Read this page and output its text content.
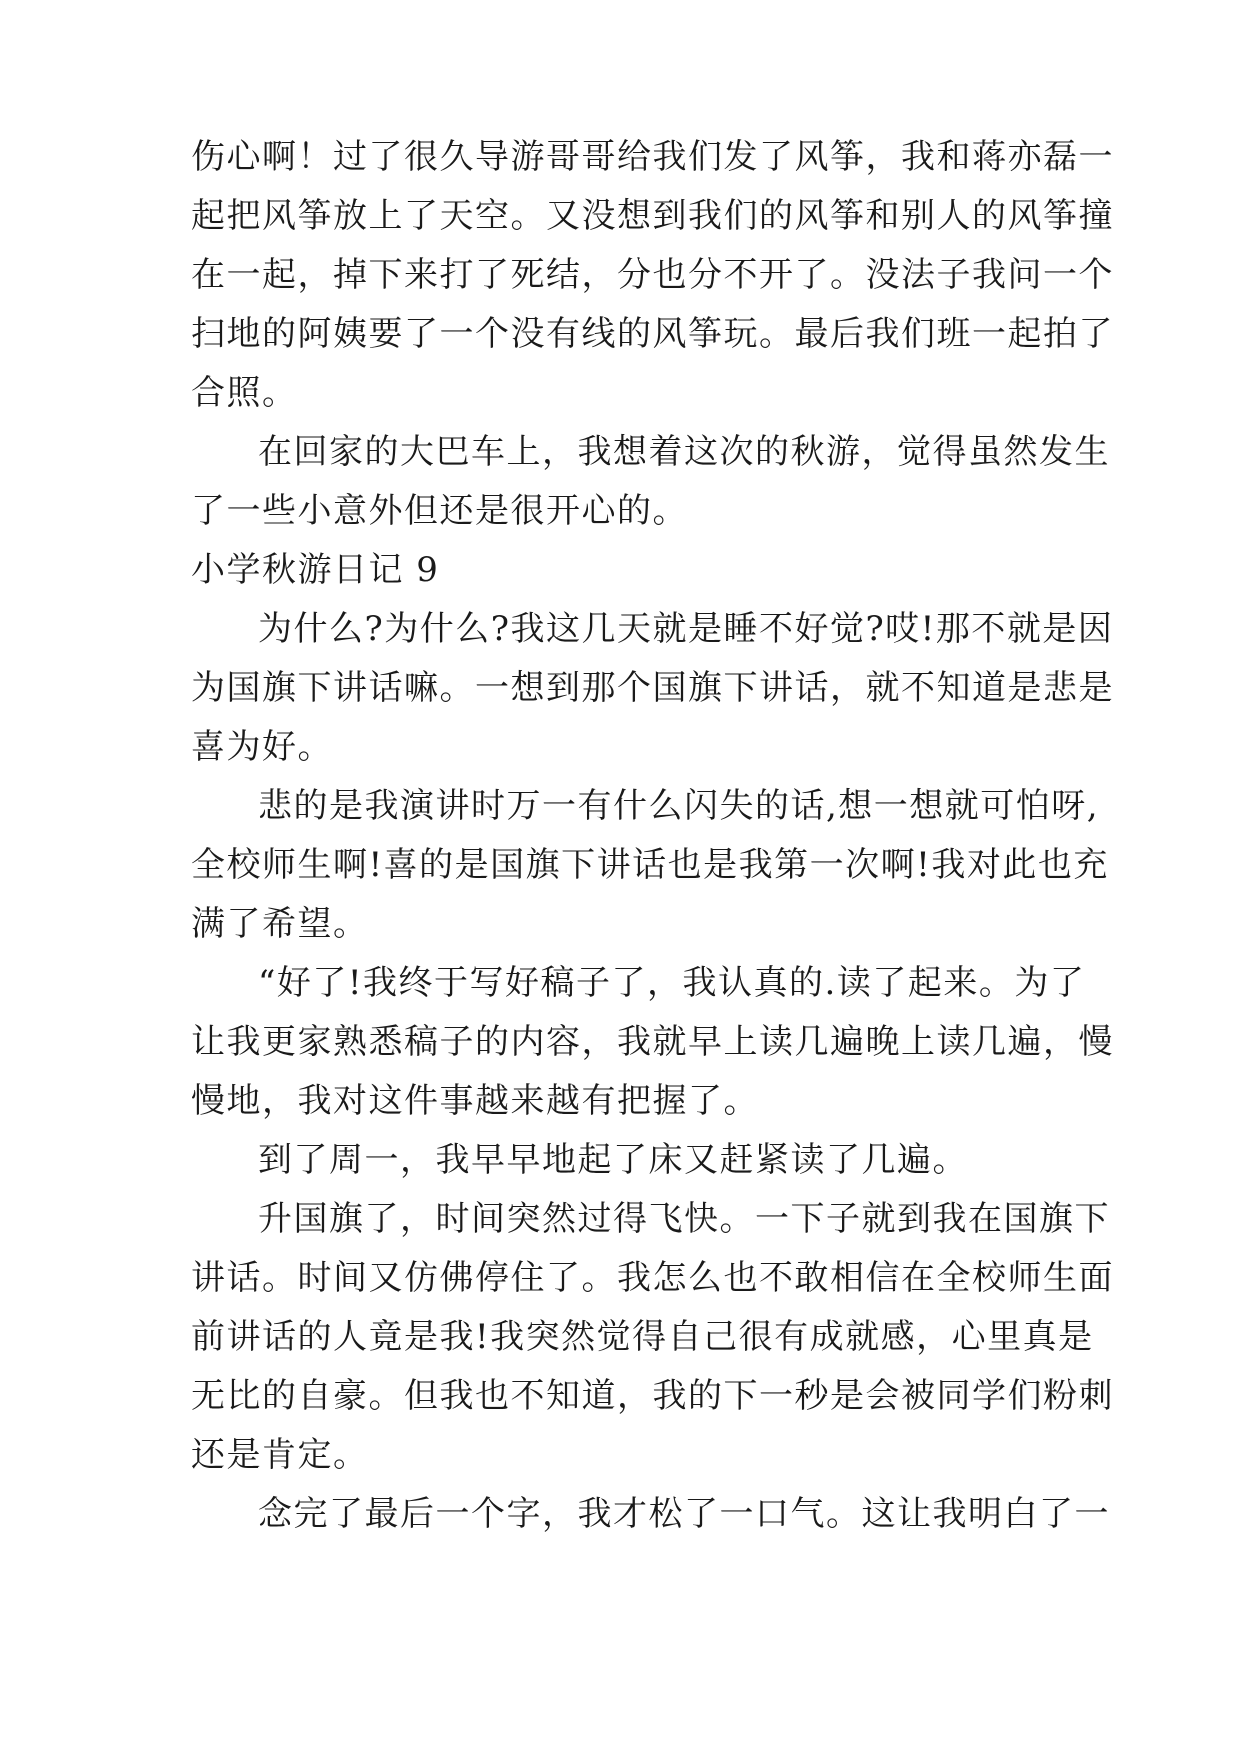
伤心啊！过了很久导游哥哥给我们发了风筝，我和蒋亦磊一
起把风筝放上了天空。又没想到我们的风筝和别人的风筝撞
在一起，掉下来打了死结，分也分不开了。没法子我问一个
扫地的阿姨要了一个没有线的风筝玩。最后我们班一起拍了
合照。
在回家的大巴车上，我想着这次的秋游，觉得虽然发生
了一些小意外但还是很开心的。
小学秋游日记 9
为什么?为什么?我这几天就是睡不好觉?哎!那不就是因
为国旗下讲话嘛。一想到那个国旗下讲话，就不知道是悲是
喜为好。
悲的是我演讲时万一有什么闪失的话,想一想就可怕呀,
全校师生啊!喜的是国旗下讲话也是我第一次啊!我对此也充
满了希望。
“好了!我终于写好稿子了，我认真的.读了起来。为了
让我更家熟悉稿子的内容，我就早上读几遍晚上读几遍，慢
慢地，我对这件事越来越有把握了。
到了周一，我早早地起了床又赶紧读了几遍。
升国旗了，时间突然过得飞快。一下子就到我在国旗下
讲话。时间又仿佛停住了。我怎么也不敢相信在全校师生面
前讲话的人竟是我!我突然觉得自己很有成就感，心里真是
无比的自豪。但我也不知道，我的下一秒是会被同学们粉刺
还是肯定。
念完了最后一个字，我才松了一口气。这让我明白了一
